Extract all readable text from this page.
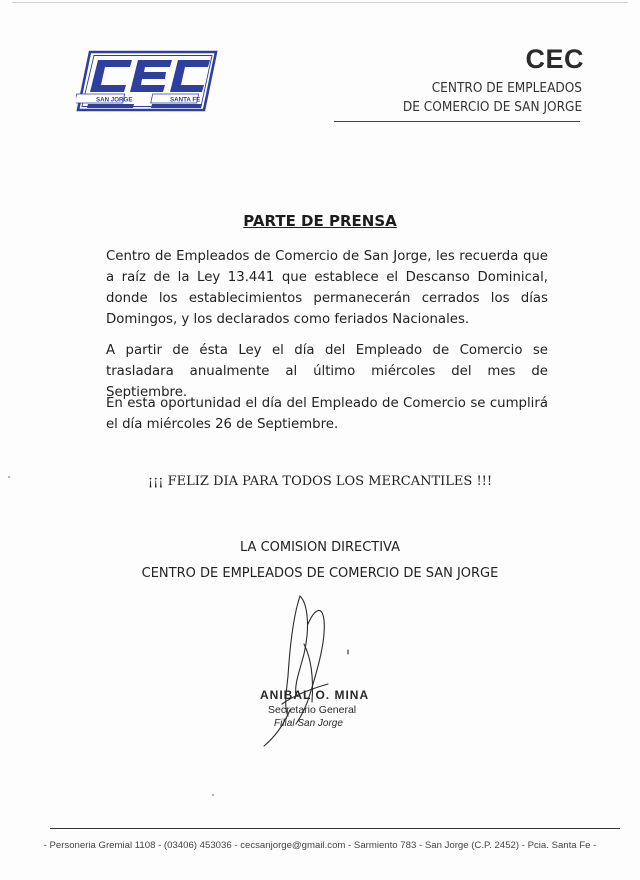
SAN JORGE	SANTA FE
CEC
CENTRO DE EMPLEADOS
DE COMERCIO DE SAN JORGE
PARTE DE PRENSA
Centro de Empleados de Comercio de San Jorge, les recuerda que a raíz de la Ley 13.441 que establece el Descanso Dominical, donde los establecimientos permanecerán cerrados los días Domingos, y los declarados como feriados Nacionales.
A partir de ésta Ley el día del Empleado de Comercio se trasladara anualmente al último miércoles del mes de Septiembre.
En esta oportunidad el día del Empleado de Comercio se cumplirá el día miércoles 26 de Septiembre.
¡¡¡ FELIZ DIA PARA TODOS LOS MERCANTILES !!!
LA COMISION DIRECTIVA
CENTRO DE EMPLEADOS DE COMERCIO DE SAN JORGE
ANIBAL O. MINA
Secretario General
Filial San Jorge
- Personeria Gremial 1108 - (03406) 453036 - cecsanjorge@gmail.com - Sarmiento 783 - San Jorge (C.P. 2452) - Pcia. Santa Fe -
